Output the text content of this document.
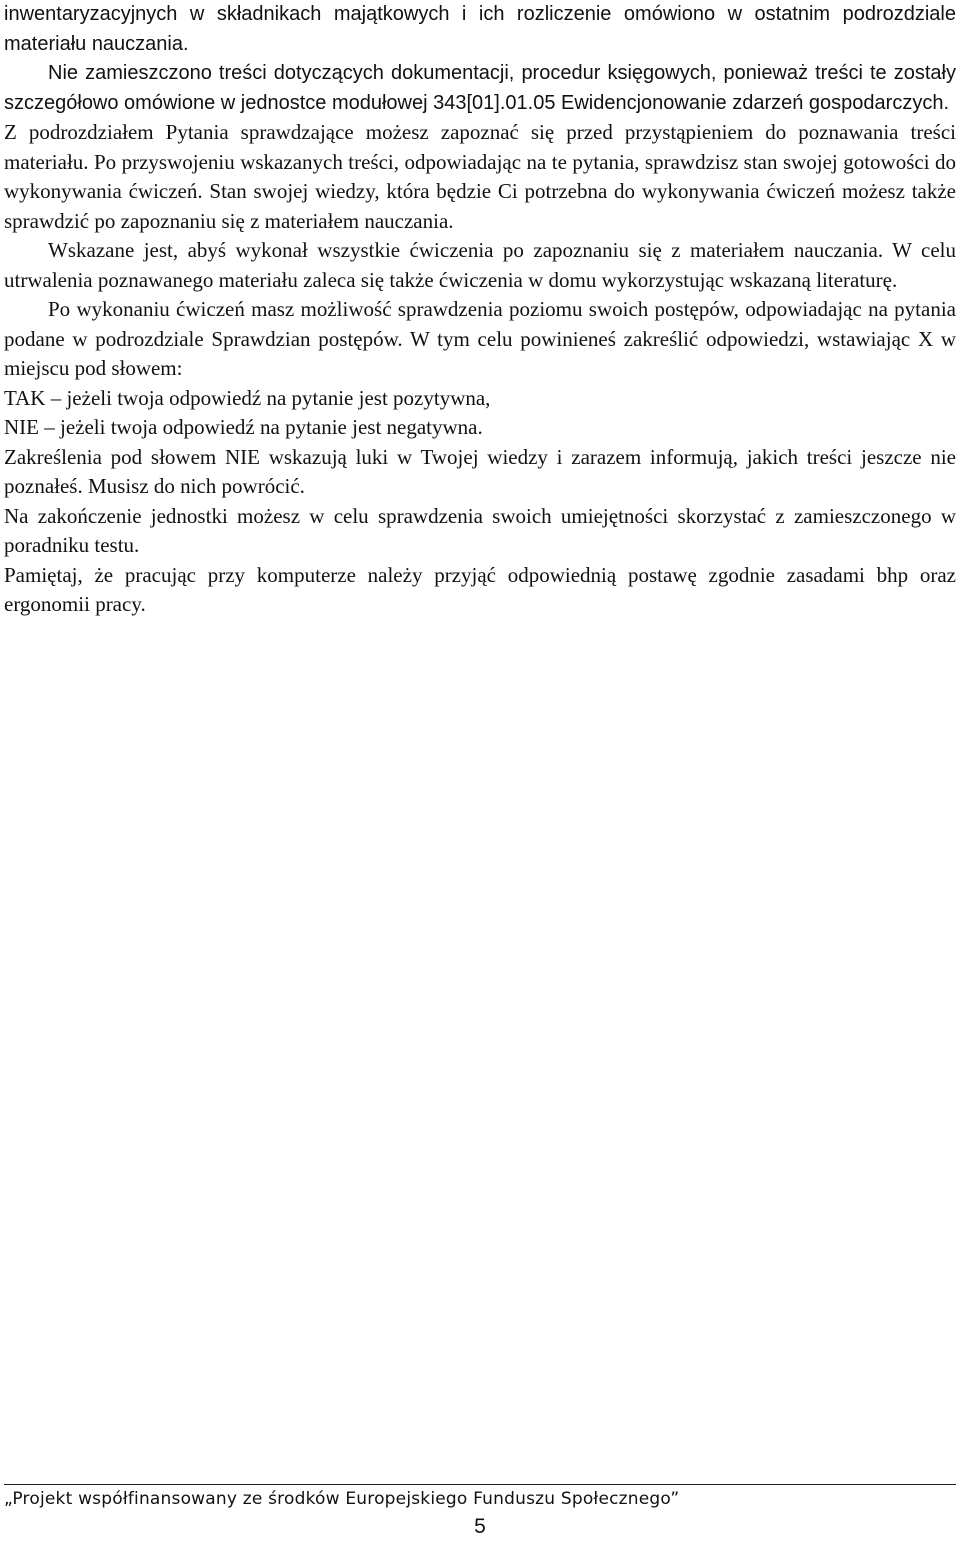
inwentaryzacyjnych w składnikach majątkowych i ich rozliczenie omówiono w ostatnim podrozdziale materiału nauczania.

Nie zamieszczono treści dotyczących dokumentacji, procedur księgowych, ponieważ treści te zostały szczegółowo omówione w jednostce modułowej 343[01].01.05 Ewidencjonowanie zdarzeń gospodarczych.

Z podrozdziałem Pytania sprawdzające możesz zapoznać się przed przystąpieniem do poznawania treści materiału. Po przyswojeniu wskazanych treści, odpowiadając na te pytania, sprawdzisz stan swojej gotowości do wykonywania ćwiczeń. Stan swojej wiedzy, która będzie Ci potrzebna do wykonywania ćwiczeń możesz także sprawdzić po zapoznaniu się z materiałem nauczania.

Wskazane jest, abyś wykonał wszystkie ćwiczenia po zapoznaniu się z materiałem nauczania. W celu utrwalenia poznawanego materiału zaleca się także ćwiczenia w domu wykorzystując wskazaną literaturę.

Po wykonaniu ćwiczeń masz możliwość sprawdzenia poziomu swoich postępów, odpowiadając na pytania podane w podrozdziale Sprawdzian postępów. W tym celu powinieneś zakreślić odpowiedzi, wstawiając X w miejscu pod słowem:

TAK – jeżeli twoja odpowiedź na pytanie jest pozytywna,

NIE – jeżeli twoja odpowiedź na pytanie jest negatywna.

Zakreślenia pod słowem NIE wskazują luki w Twojej wiedzy i zarazem informują, jakich treści jeszcze nie poznałeś. Musisz do nich powrócić.

Na zakończenie jednostki możesz w celu sprawdzenia swoich umiejętności skorzystać z zamieszczonego w poradniku testu.

Pamiętaj, że pracując przy komputerze należy przyjąć odpowiednią postawę zgodnie zasadami bhp oraz ergonomii pracy.

„Projekt współfinansowany ze środków Europejskiego Funduszu Społecznego”
5
